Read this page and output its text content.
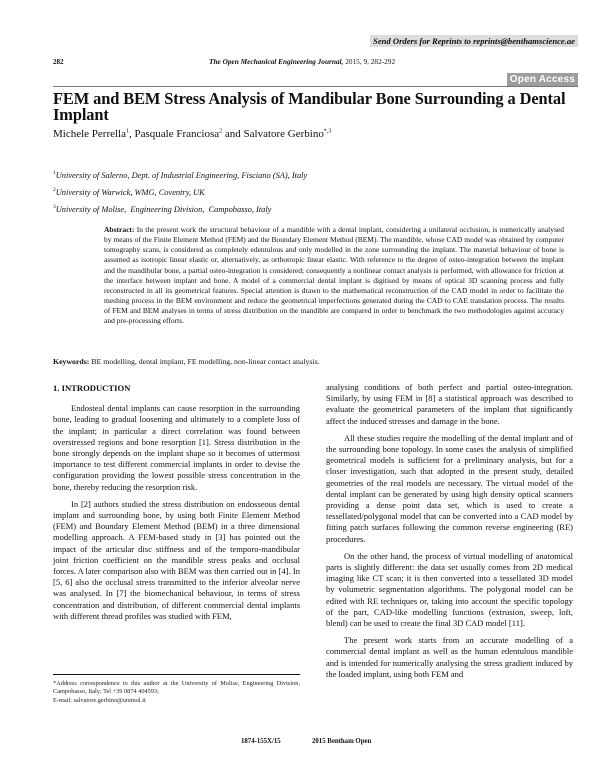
Send Orders for Reprints to reprints@benthamscience.ae
282	The Open Mechanical Engineering Journal, 2015, 9, 282-292
Open Access
FEM and BEM Stress Analysis of Mandibular Bone Surrounding a Dental Implant
Michele Perrella$^1$, Pasquale Franciosa$^2$ and Salvatore Gerbino$^{*,3}$
$^1$University of Salerno, Dept. of Industrial Engineering, Fisciano (SA), Italy
$^2$University of Warwick, WMG, Coventry, UK
$^3$University of Molise,  Engineering Division,  Campobasso, Italy
Abstract: In the present work the structural behaviour of a mandible with a dental implant, considering a unilateral occlusion, is numerically analysed by means of the Finite Element Method (FEM) and the Boundary Element Method (BEM). The mandible, whose CAD model was obtained by computer tomography scans, is considered as completely edentulous and only modelled in the zone surrounding the implant. The material behaviour of bone is assumed as isotropic linear elastic or, alternatively, as orthotropic linear elastic. With reference to the degree of osteo-integration between the implant and the mandibular bone, a partial osteo-integration is considered; consequently a nonlinear contact analysis is performed, with allowance for friction at the interface between implant and bone. A model of a commercial dental implant is digitised by means of optical 3D scanning process and fully reconstructed in all its geometrical features. Special attention is drawn to the mathematical reconstruction of the CAD model in order to facilitate the meshing process in the BEM environment and reduce the geometrical imperfections generated during the CAD to CAE translation process. The results of FEM and BEM analyses in terms of stress distribution on the mandible are compared in order to benchmark the two methodologies against accuracy and pre-processing efforts.
Keywords: BE modelling, dental implant, FE modelling, non-linear contact analysis.

1. INTRODUCTION

Endosteal dental implants can cause resorption in the surrounding bone, leading to gradual loosening and ultimately to a complete loss of the implant; in particular a direct correlation was found between overstressed regions and bone resorption [1]. Stress distribution in the bone strongly depends on the implant shape so it becomes of uttermost importance to test different commercial implants in order to devise the configuration providing the lowest possible stress concentration in the bone, thereby reducing the resorption risk.

In [2] authors studied the stress distribution on endosseous dental implant and surrounding bone, by using both Finite Element Method (FEM) and Boundary Element Method (BEM) in a three dimensional modelling approach. A FEM-based study in [3] has pointed out the impact of the articular disc stiffness and of the temporo-mandibular joint friction coefficient on the mandible stress peaks and occlusal forces. A later comparison also with BEM was then carried out in [4]. In [5, 6] also the occlusal stress transmitted to the inferior alveolar nerve was analysed. In [7] the biomechanical behaviour, in terms of stress concentration and distribution, of different commercial dental implants with different thread profiles was studied with FEM,

analysing conditions of both perfect and partial osteo-integration. Similarly, by using FEM in [8] a statistical approach was described to evaluate the geometrical parameters of the implant that significantly affect the induced stresses and damage in the bone.

All these studies require the modelling of the dental implant and of the surrounding bone topology. In some cases the analysis of simplified geometrical models is sufficient for a preliminary analysis, but for a closer investigation, such that adopted in the present study, detailed geometries of the real models are necessary. The virtual model of the dental implant can be generated by using high density optical scanners providing a dense point data set, which is used to create a tessellated/polygonal model that can be converted into a CAD model by fitting patch surfaces following the common reverse engineering (RE) procedures.

On the other hand, the process of virtual modelling of anatomical parts is slightly different: the data set usually comes from 2D medical imaging like CT scan; it is then converted into a tessellated 3D model by volumetric segmentation algorithms. The polygonal model can be edited with RE techniques or, taking into account the specific topology of the part, CAD-like modelling functions (extrusion, sweep, loft, blend) can be used to create the final 3D CAD model [11].

The present work starts from an accurate modelling of a commercial dental implant as well as the human edentulous mandible and is intended for numerically analysing the stress gradient induced by the loaded implant, using both FEM and

*Address correspondence to this author at the University of Molise, Engineering Division, Campobasso, Italy; Tel +39 0874 404593;
E-mail: salvatore.gerbino@unimol.it
1874-155X/15	2015 Bentham Open
